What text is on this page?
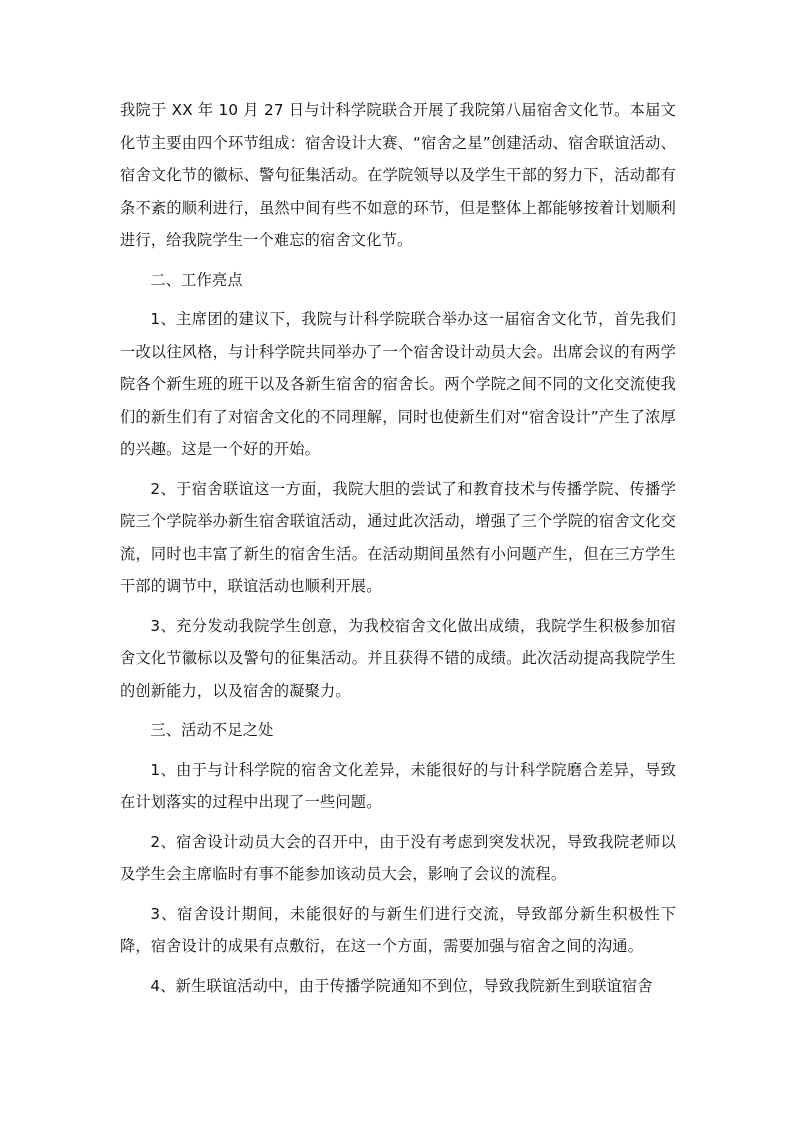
我院于 XX 年 10 月 27 日与计科学院联合开展了我院第八届宿舍文化节。本届文化节主要由四个环节组成：宿舍设计大赛、“宿舍之星”创建活动、宿舍联谊活动、宿舍文化节的徽标、警句征集活动。在学院领导以及学生干部的努力下，活动都有条不紊的顺利进行，虽然中间有些不如意的环节，但是整体上都能够按着计划顺利进行，给我院学生一个难忘的宿舍文化节。

二、工作亮点

1、主席团的建议下，我院与计科学院联合举办这一届宿舍文化节，首先我们一改以往风格，与计科学院共同举办了一个宿舍设计动员大会。出席会议的有两学院各个新生班的班干以及各新生宿舍的宿舍长。两个学院之间不同的文化交流使我们的新生们有了对宿舍文化的不同理解，同时也使新生们对“宿舍设计”产生了浓厚的兴趣。这是一个好的开始。

2、于宿舍联谊这一方面，我院大胆的尝试了和教育技术与传播学院、传播学院三个学院举办新生宿舍联谊活动，通过此次活动，增强了三个学院的宿舍文化交流，同时也丰富了新生的宿舍生活。在活动期间虽然有小问题产生，但在三方学生干部的调节中，联谊活动也顺利开展。

3、充分发动我院学生创意，为我校宿舍文化做出成绩，我院学生积极参加宿舍文化节徽标以及警句的征集活动。并且获得不错的成绩。此次活动提高我院学生的创新能力，以及宿舍的凝聚力。

三、活动不足之处

1、由于与计科学院的宿舍文化差异，未能很好的与计科学院磨合差异，导致在计划落实的过程中出现了一些问题。

2、宿舍设计动员大会的召开中，由于没有考虑到突发状况，导致我院老师以及学生会主席临时有事不能参加该动员大会，影响了会议的流程。

3、宿舍设计期间，未能很好的与新生们进行交流，导致部分新生积极性下降，宿舍设计的成果有点敷衍，在这一个方面，需要加强与宿舍之间的沟通。

4、新生联谊活动中，由于传播学院通知不到位，导致我院新生到联谊宿舍
